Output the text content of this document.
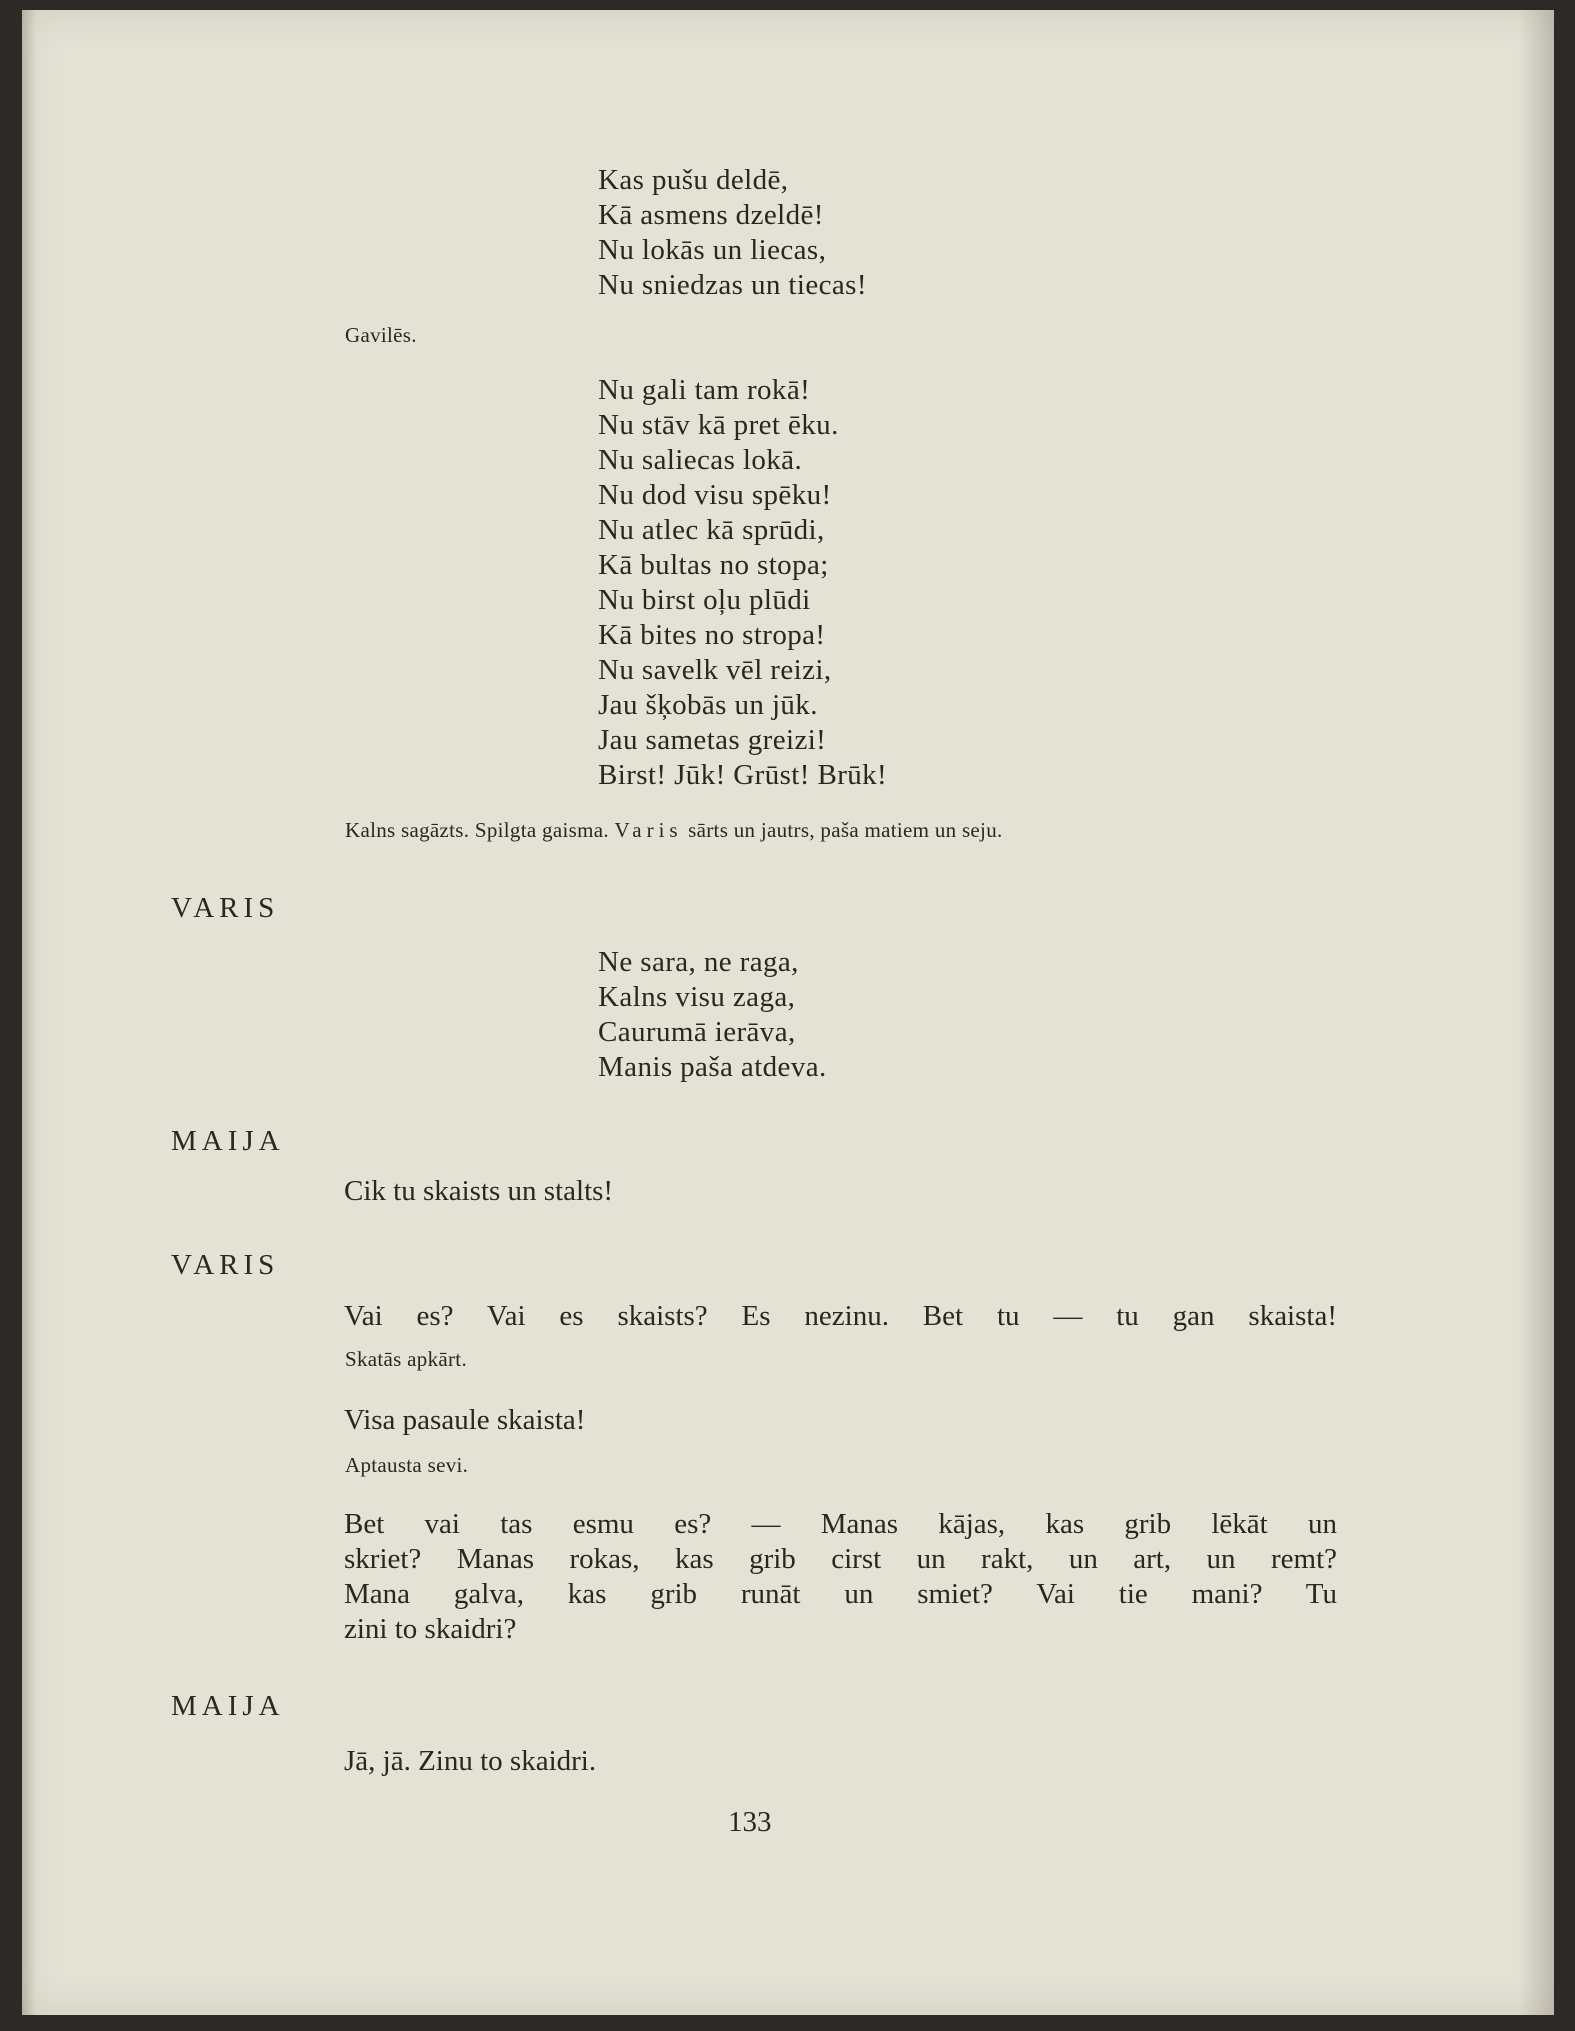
Kas pušu deldē,
Kā asmens dzeldē!
Nu lokās un liecas,
Nu sniedzas un tiecas!
Gavilēs.
Nu gali tam rokā!
Nu stāv kā pret ēku.
Nu saliecas lokā.
Nu dod visu spēku!
Nu atlec kā sprūdi,
Kā bultas no stopa;
Nu birst oļu plūdi
Kā bites no stropa!
Nu savelk vēl reizi,
Jau šķobās un jūk.
Jau sametas greizi!
Birst! Jūk! Grūst! Brūk!
Kalns sagāzts. Spilgta gaisma. Varis sārts un jautrs, paša matiem un seju.
VARIS
Ne sara, ne raga,
Kalns visu zaga,
Caurumā ierāva,
Manis paša atdeva.
MAIJA
Cik tu skaists un stalts!
VARIS
Vai es? Vai es skaists? Es nezinu. Bet tu — tu gan skaista!
Skatās apkārt.
Visa pasaule skaista!
Aptausta sevi.
Bet vai tas esmu es? — Manas kājas, kas grib lēkāt un
skriet? Manas rokas, kas grib cirst un rakt, un art, un remt?
Mana galva, kas grib runāt un smiet? Vai tie mani? Tu
zini to skaidri?
MAIJA
Jā, jā. Zinu to skaidri.
133
